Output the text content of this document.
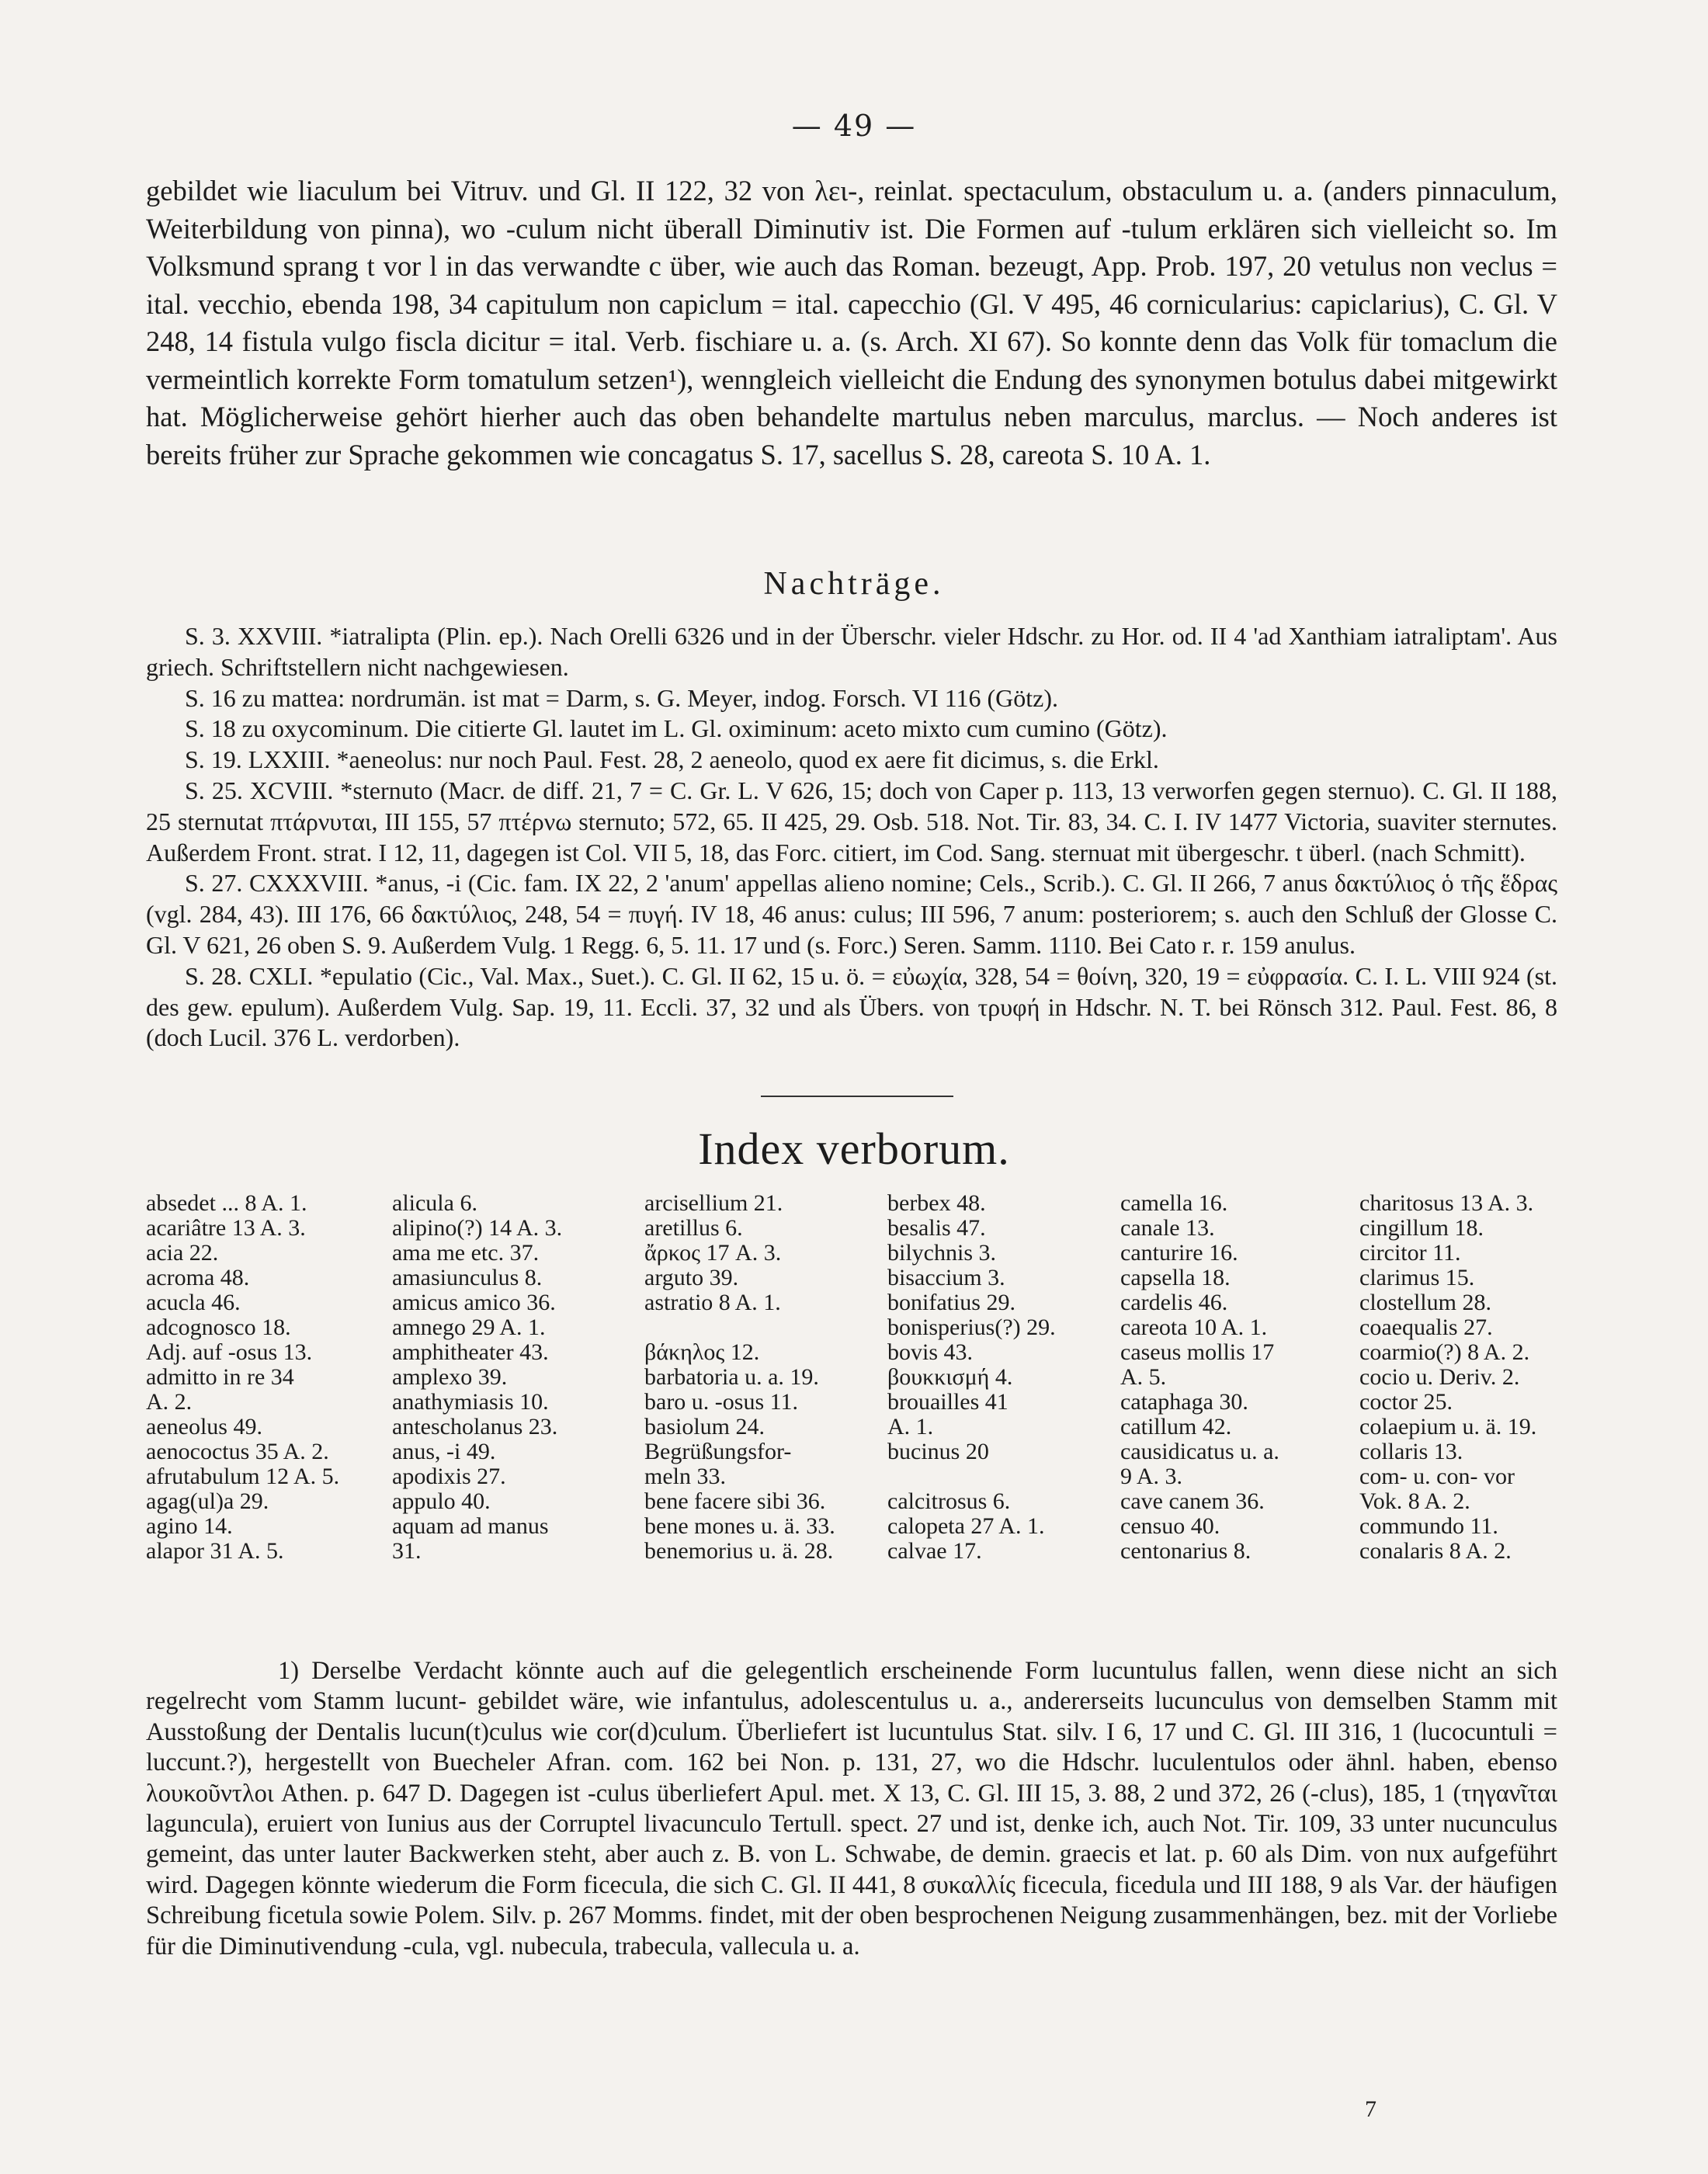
— 49 —

gebildet wie liaculum bei Vitruv. und Gl. II 122, 32 von λει-, reinlat. spectaculum, obstaculum u. a. (anders pinnaculum, Weiterbildung von pinna), wo -culum nicht überall Diminutiv ist. Die Formen auf -tulum erklären sich vielleicht so. Im Volksmund sprang t vor l in das verwandte c über, wie auch das Roman. bezeugt, App. Prob. 197, 20 vetulus non veclus = ital. vecchio, ebenda 198, 34 capitulum non capiclum = ital. capecchio (Gl. V 495, 46 cornicularius: capiclarius), C. Gl. V 248, 14 fistula vulgo fiscla dicitur = ital. Verb. fischiare u. a. (s. Arch. XI 67). So konnte denn das Volk für tomaclum die vermeintlich korrekte Form tomatulum setzen¹), wenngleich vielleicht die Endung des synonymen botulus dabei mitgewirkt hat. Möglicherweise gehört hierher auch das oben behandelte martulus neben marculus, marclus. — Noch anderes ist bereits früher zur Sprache gekommen wie concagatus S. 17, sacellus S. 28, careota S. 10 A. 1.

Nachträge.

S. 3. XXVIII. *iatralipta (Plin. ep.). Nach Orelli 6326 und in der Überschr. vieler Hdschr. zu Hor. od. II 4 'ad Xanthiam iatraliptam'. Aus griech. Schriftstellern nicht nachgewiesen.

S. 16 zu mattea: nordrumän. ist mat = Darm, s. G. Meyer, indog. Forsch. VI 116 (Götz).

S. 18 zu oxycominum. Die citierte Gl. lautet im L. Gl. oximinum: aceto mixto cum cumino (Götz).

S. 19. LXXIII. *aeneolus: nur noch Paul. Fest. 28, 2 aeneolo, quod ex aere fit dicimus, s. die Erkl.

S. 25. XCVIII. *sternuto (Macr. de diff. 21, 7 = C. Gr. L. V 626, 15; doch von Caper p. 113, 13 verworfen gegen sternuo). C. Gl. II 188, 25 sternutat πτάρνυται, III 155, 57 πτέρνω sternuto; 572, 65. II 425, 29. Osb. 518. Not. Tir. 83, 34. C. I. IV 1477 Victoria, suaviter sternutes. Außerdem Front. strat. I 12, 11, dagegen ist Col. VII 5, 18, das Forc. citiert, im Cod. Sang. sternuat mit übergeschr. t überl. (nach Schmitt).

S. 27. CXXXVIII. *anus, -i (Cic. fam. IX 22, 2 'anum' appellas alieno nomine; Cels., Scrib.). C. Gl. II 266, 7 anus δακτύλιος ὁ τῆς ἕδρας (vgl. 284, 43). III 176, 66 δακτύλιος, 248, 54 = πυγή. IV 18, 46 anus: culus; III 596, 7 anum: posteriorem; s. auch den Schluß der Glosse C. Gl. V 621, 26 oben S. 9. Außerdem Vulg. 1 Regg. 6, 5. 11. 17 und (s. Forc.) Seren. Samm. 1110. Bei Cato r. r. 159 anulus.

S. 28. CXLI. *epulatio (Cic., Val. Max., Suet.). C. Gl. II 62, 15 u. ö. = εὐωχία, 328, 54 = θοίνη, 320, 19 = εὐφρασία. C. I. L. VIII 924 (st. des gew. epulum). Außerdem Vulg. Sap. 19, 11. Eccli. 37, 32 und als Übers. von τρυφή in Hdschr. N. T. bei Rönsch 312. Paul. Fest. 86, 8 (doch Lucil. 376 L. verdorben).

Index verborum.
absedet ... 8 A. 1.
acariâtre 13 A. 3.
acia 22.
acroma 48.
acucla 46.
adcognosco 18.
Adj. auf -osus 13.
admitto in re 34
A. 2.
aeneolus 49.
aenococtus 35 A. 2.
afrutabulum 12 A. 5.
agag(ul)a 29.
agino 14.
alapor 31 A. 5.
alicula 6.
alipino(?) 14 A. 3.
ama me etc. 37.
amasiunculus 8.
amicus amico 36.
amnego 29 A. 1.
amphitheater 43.
amplexo 39.
anathymiasis 10.
antescholanus 23.
anus, -i 49.
apodixis 27.
appulo 40.
aquam ad manus
31.
arcisellium 21.
aretillus 6.
ἄρκος 17 A. 3.
arguto 39.
astratio 8 A. 1.

βάκηλος 12.
barbatoria u. a. 19.
baro u. -osus 11.
basiolum 24.
Begrüßungsfor-
meln 33.
bene facere sibi 36.
bene mones u. ä. 33.
benemorius u. ä. 28.
berbex 48.
besalis 47.
bilychnis 3.
bisaccium 3.
bonifatius 29.
bonisperius(?) 29.
bovis 43.
βουκκισμή 4.
brouailles 41
A. 1.
bucinus 20

calcitrosus 6.
calopeta 27 A. 1.
calvae 17.
camella 16.
canale 13.
canturire 16.
capsella 18.
cardelis 46.
careota 10 A. 1.
caseus mollis 17
A. 5.
cataphaga 30.
catillum 42.
causidicatus u. a.
9 A. 3.
cave canem 36.
censuo 40.
centonarius 8.
charitosus 13 A. 3.
cingillum 18.
circitor 11.
clarimus 15.
clostellum 28.
coaequalis 27.
coarmio(?) 8 A. 2.
cocio u. Deriv. 2.
coctor 25.
colaepium u. ä. 19.
collaris 13.
com- u. con- vor
Vok. 8 A. 2.
commundo 11.
conalaris 8 A. 2.

1) Derselbe Verdacht könnte auch auf die gelegentlich erscheinende Form lucuntulus fallen, wenn diese nicht an sich regelrecht vom Stamm lucunt- gebildet wäre, wie infantulus, adolescentulus u. a., andererseits lucunculus von demselben Stamm mit Ausstoßung der Dentalis lucun(t)culus wie cor(d)culum. Überliefert ist lucuntulus Stat. silv. I 6, 17 und C. Gl. III 316, 1 (lucocuntuli = luccunt.?), hergestellt von Buecheler Afran. com. 162 bei Non. p. 131, 27, wo die Hdschr. luculentulos oder ähnl. haben, ebenso λουκοῦντλοι Athen. p. 647 D. Dagegen ist -culus überliefert Apul. met. X 13, C. Gl. III 15, 3. 88, 2 und 372, 26 (-clus), 185, 1 (τηγανῖται laguncula), eruiert von Iunius aus der Corruptel livacunculo Tertull. spect. 27 und ist, denke ich, auch Not. Tir. 109, 33 unter nucunculus gemeint, das unter lauter Backwerken steht, aber auch z. B. von L. Schwabe, de demin. graecis et lat. p. 60 als Dim. von nux aufgeführt wird. Dagegen könnte wiederum die Form ficecula, die sich C. Gl. II 441, 8 συκαλλίς ficecula, ficedula und III 188, 9 als Var. der häufigen Schreibung ficetula sowie Polem. Silv. p. 267 Momms. findet, mit der oben besprochenen Neigung zusammenhängen, bez. mit der Vorliebe für die Diminutivendung -cula, vgl. nubecula, trabecula, vallecula u. a.

7
